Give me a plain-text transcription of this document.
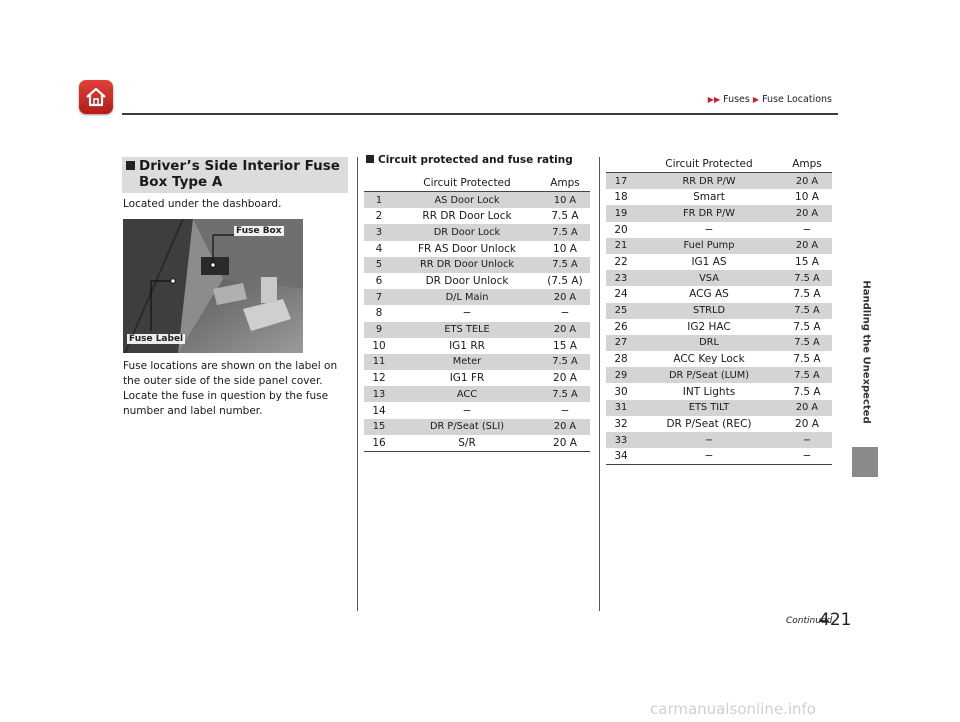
▶▶ Fuses ▶ Fuse Locations
Handling the Unexpected
Driver’s Side Interior Fuse Box Type A
Located under the dashboard.
Fuse Box
Fuse Label
Fuse locations are shown on the label on the outer side of the side panel cover. Locate the fuse in question by the fuse number and label number.
Circuit protected and fuse rating
Circuit Protected	Amps
1	AS Door Lock	10 A
2	RR DR Door Lock	7.5 A
3	DR Door Lock	7.5 A
4	FR AS Door Unlock	10 A
5	RR DR Door Unlock	7.5 A
6	DR Door Unlock	(7.5 A)
7	D/L Main	20 A
8	−	−
9	ETS TELE	20 A
10	IG1 RR	15 A
11	Meter	7.5 A
12	IG1 FR	20 A
13	ACC	7.5 A
14	−	−
15	DR P/Seat (SLI)	20 A
16	S/R	20 A
Circuit Protected	Amps
17	RR DR P/W	20 A
18	Smart	10 A
19	FR DR P/W	20 A
20	−	−
21	Fuel Pump	20 A
22	IG1 AS	15 A
23	VSA	7.5 A
24	ACG AS	7.5 A
25	STRLD	7.5 A
26	IG2 HAC	7.5 A
27	DRL	7.5 A
28	ACC Key Lock	7.5 A
29	DR P/Seat (LUM)	7.5 A
30	INT Lights	7.5 A
31	ETS TILT	20 A
32	DR P/Seat (REC)	20 A
33	−	−
34	−	−
Continued
421
carmanualsonline.info
